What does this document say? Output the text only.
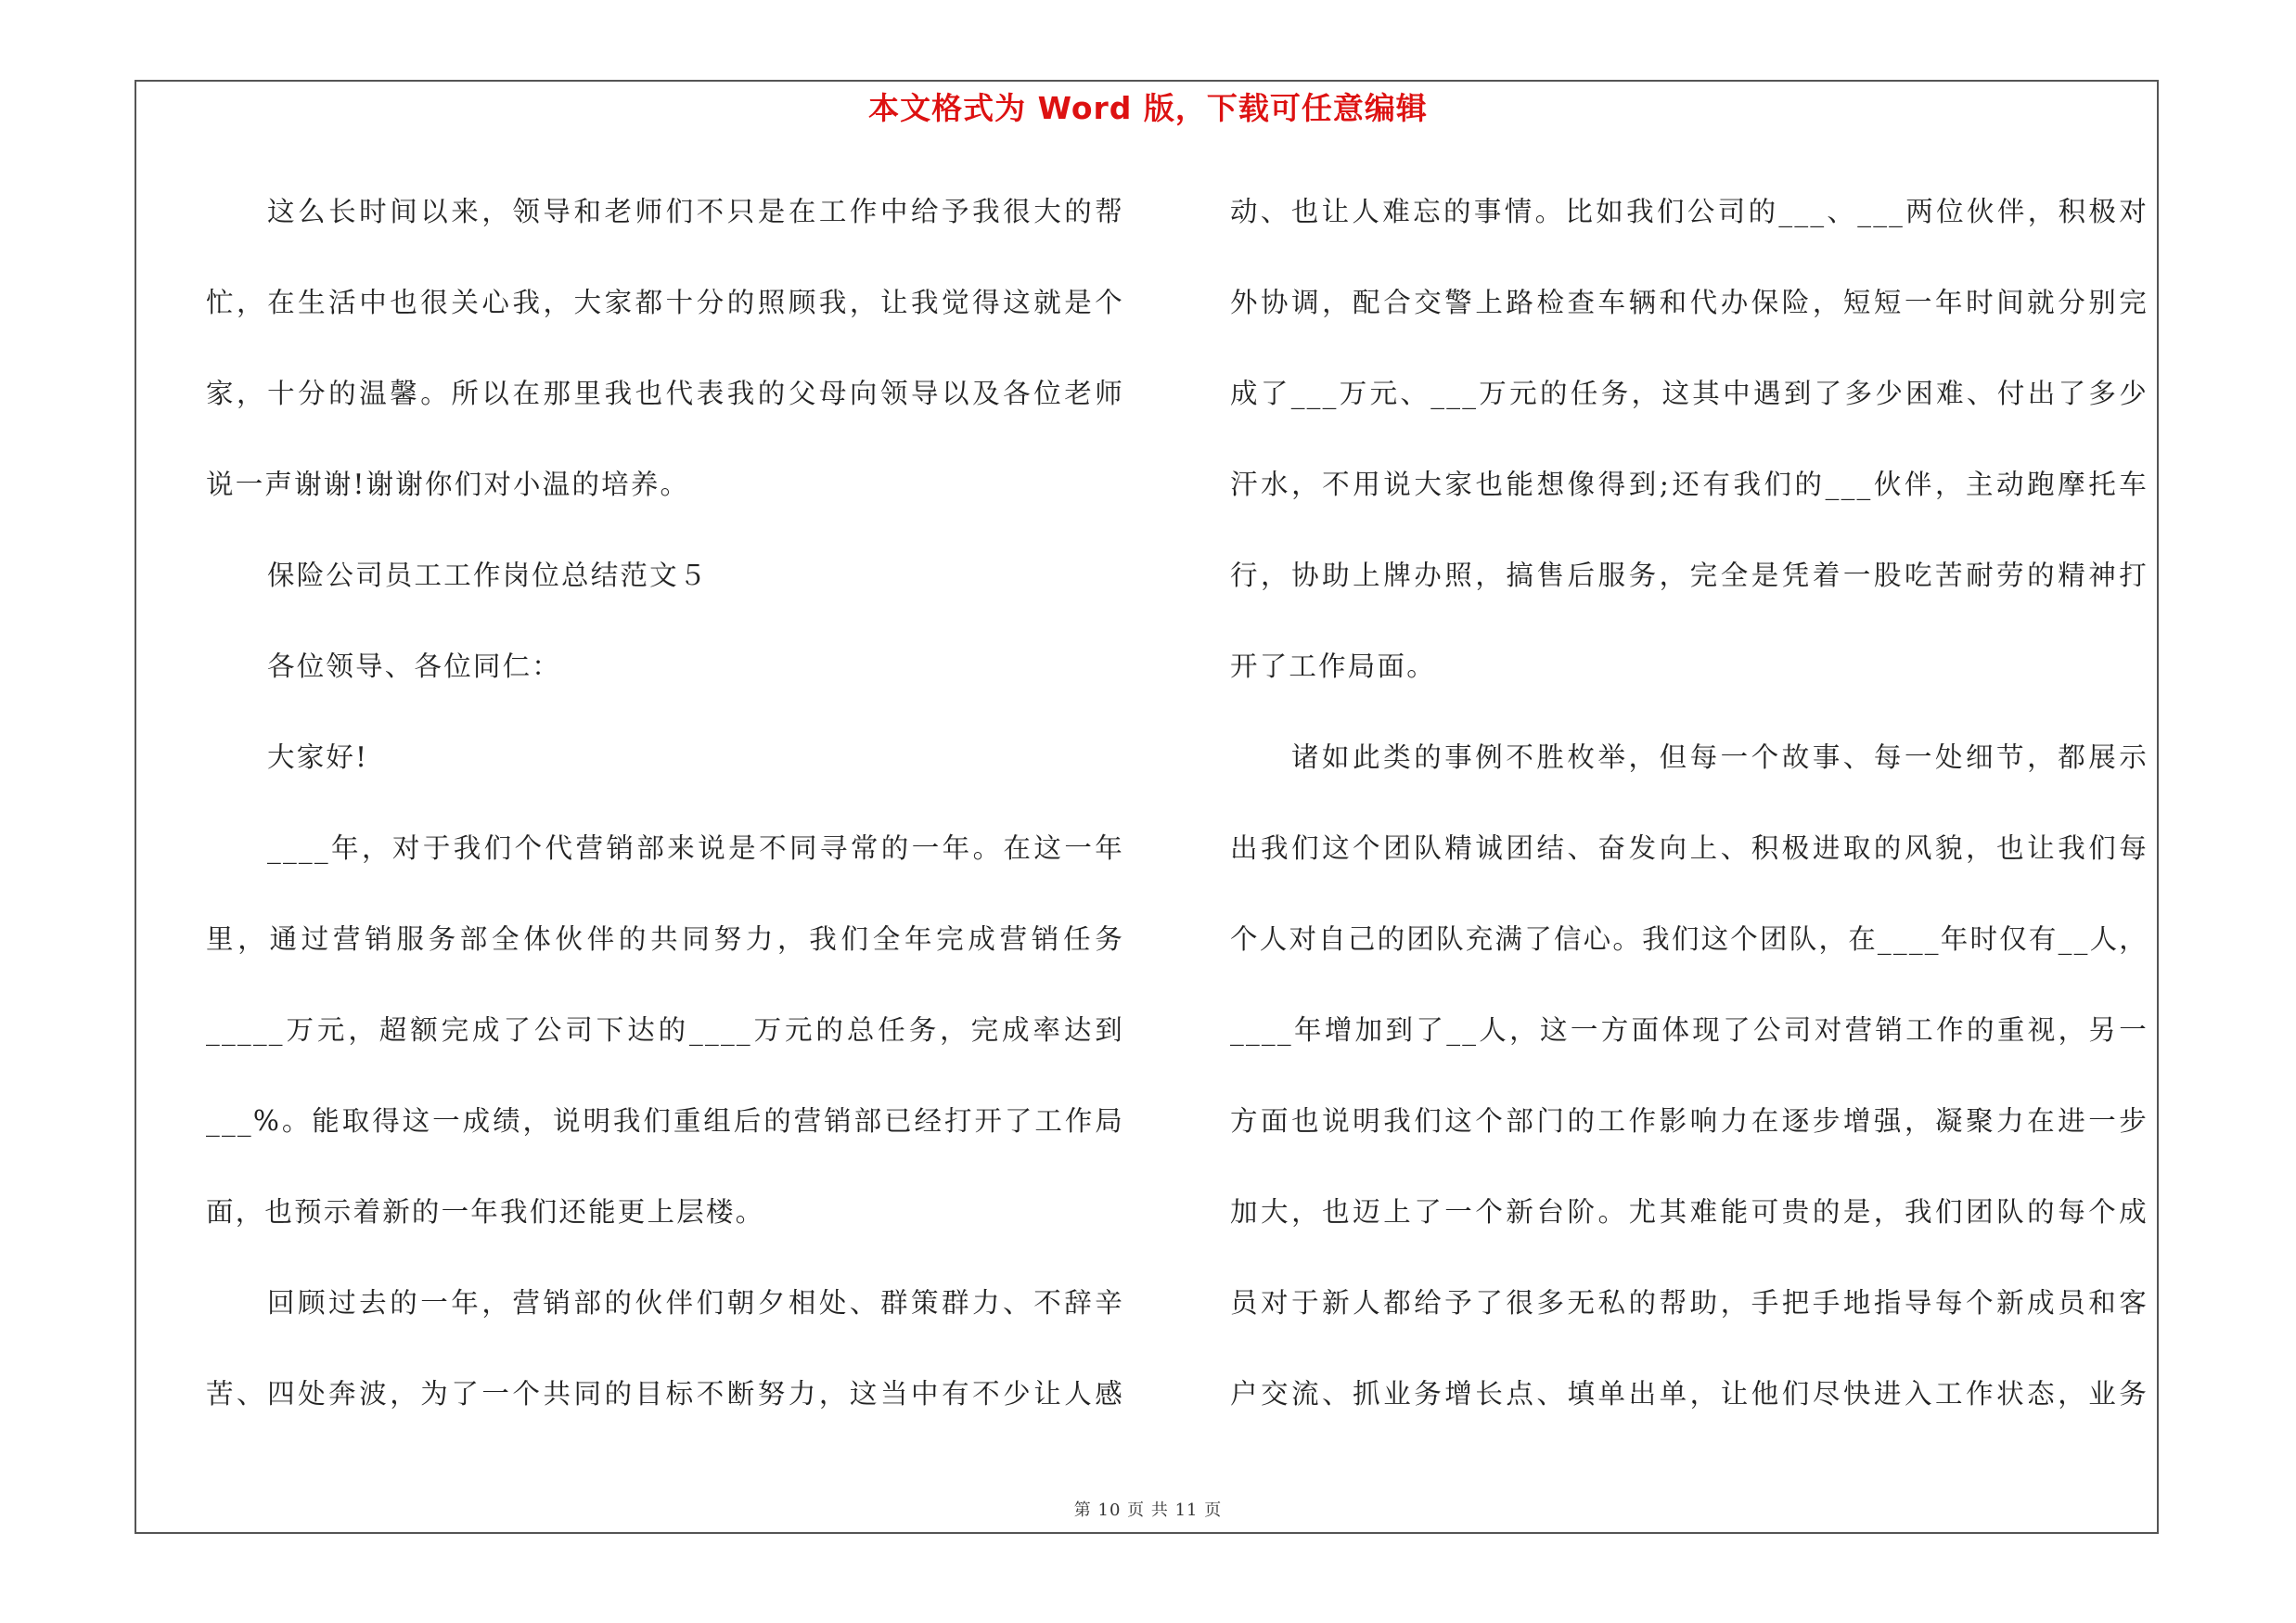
本文格式为 Word 版，下载可任意编辑
这么长时间以来，领导和老师们不只是在工作中给予我很大的帮
忙，在生活中也很关心我，大家都十分的照顾我，让我觉得这就是个
家，十分的温馨。所以在那里我也代表我的父母向领导以及各位老师
说一声谢谢!谢谢你们对小温的培养。
保险公司员工工作岗位总结范文５
各位领导、各位同仁：
大家好!
____年，对于我们个代营销部来说是不同寻常的一年。在这一年
里，通过营销服务部全体伙伴的共同努力，我们全年完成营销任务
_____万元，超额完成了公司下达的____万元的总任务，完成率达到
___%。能取得这一成绩，说明我们重组后的营销部已经打开了工作局
面，也预示着新的一年我们还能更上层楼。
回顾过去的一年，营销部的伙伴们朝夕相处、群策群力、不辞辛
苦、四处奔波，为了一个共同的目标不断努力，这当中有不少让人感
动、也让人难忘的事情。比如我们公司的___、___两位伙伴，积极对
外协调，配合交警上路检查车辆和代办保险，短短一年时间就分别完
成了___万元、___万元的任务，这其中遇到了多少困难、付出了多少
汗水，不用说大家也能想像得到;还有我们的___伙伴，主动跑摩托车
行，协助上牌办照，搞售后服务，完全是凭着一股吃苦耐劳的精神打
开了工作局面。
诸如此类的事例不胜枚举，但每一个故事、每一处细节，都展示
出我们这个团队精诚团结、奋发向上、积极进取的风貌，也让我们每
个人对自己的团队充满了信心。我们这个团队，在____年时仅有__人，
____年增加到了__人，这一方面体现了公司对营销工作的重视，另一
方面也说明我们这个部门的工作影响力在逐步增强，凝聚力在进一步
加大，也迈上了一个新台阶。尤其难能可贵的是，我们团队的每个成
员对于新人都给予了很多无私的帮助，手把手地指导每个新成员和客
户交流、抓业务增长点、填单出单，让他们尽快进入工作状态，业务
第 10 页 共 11 页
